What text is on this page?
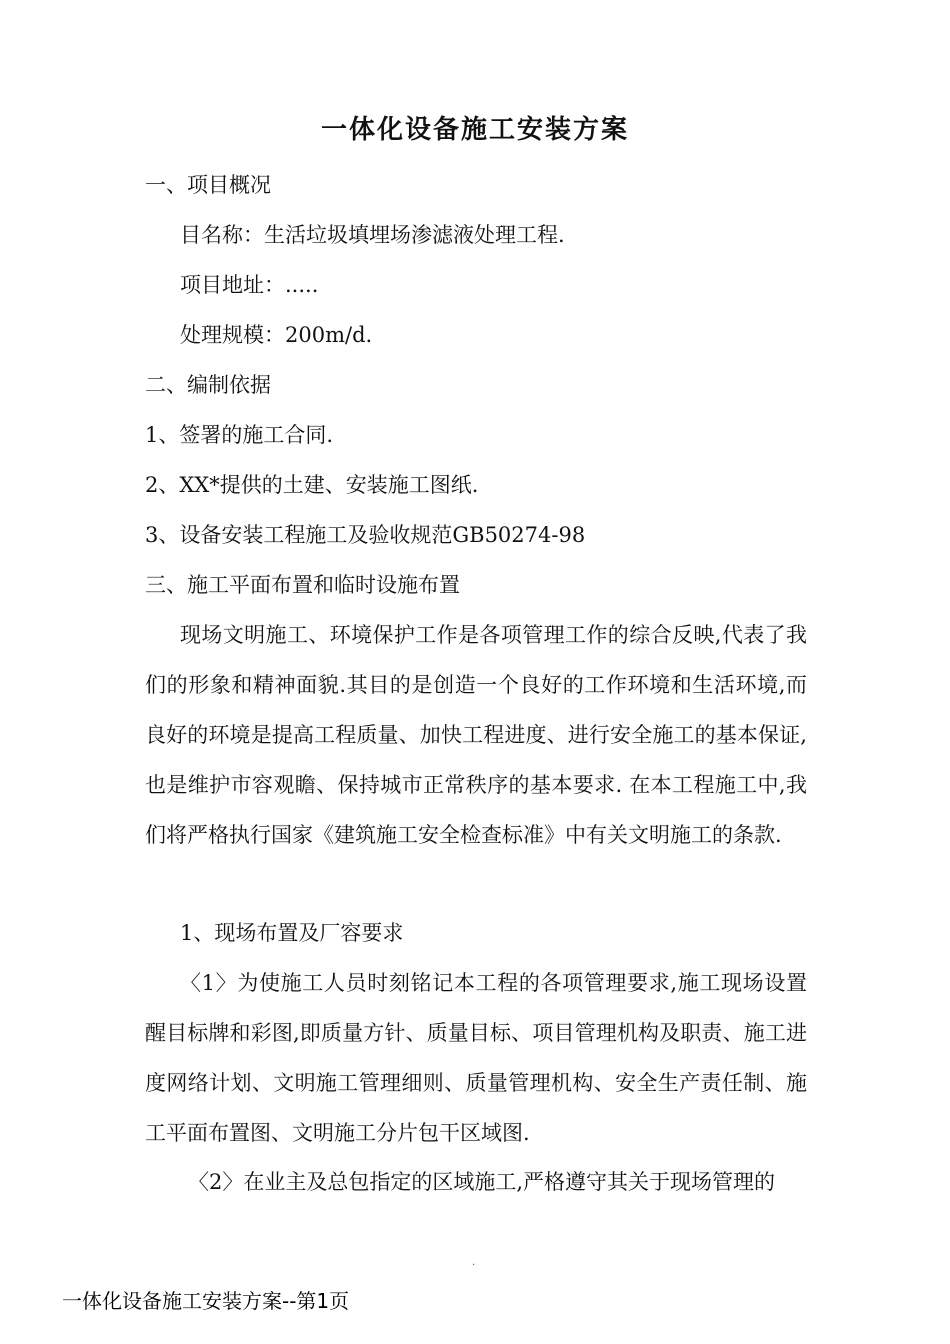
一体化设备施工安装方案

一、项目概况

目名称：生活垃圾填埋场渗滤液处理工程.

项目地址：.....

处理规模：200m/d.

二、编制依据

1、签署的施工合同.

2、XX*提供的土建、安装施工图纸.

3、设备安装工程施工及验收规范GB50274-98

三、施工平面布置和临时设施布置

现场文明施工、环境保护工作是各项管理工作的综合反映,代表了我们的形象和精神面貌.其目的是创造一个良好的工作环境和生活环境,而良好的环境是提高工程质量、加快工程进度、进行安全施工的基本保证,也是维护市容观瞻、保持城市正常秩序的基本要求. 在本工程施工中,我们将严格执行国家《建筑施工安全检查标准》中有关文明施工的条款.

1、现场布置及厂容要求

〈1〉为使施工人员时刻铭记本工程的各项管理要求,施工现场设置醒目标牌和彩图,即质量方针、质量目标、项目管理机构及职责、施工进度网络计划、文明施工管理细则、质量管理机构、安全生产责任制、施工平面布置图、文明施工分片包干区域图.

〈2〉在业主及总包指定的区域施工,严格遵守其关于现场管理的

.
一体化设备施工安装方案--第1页
